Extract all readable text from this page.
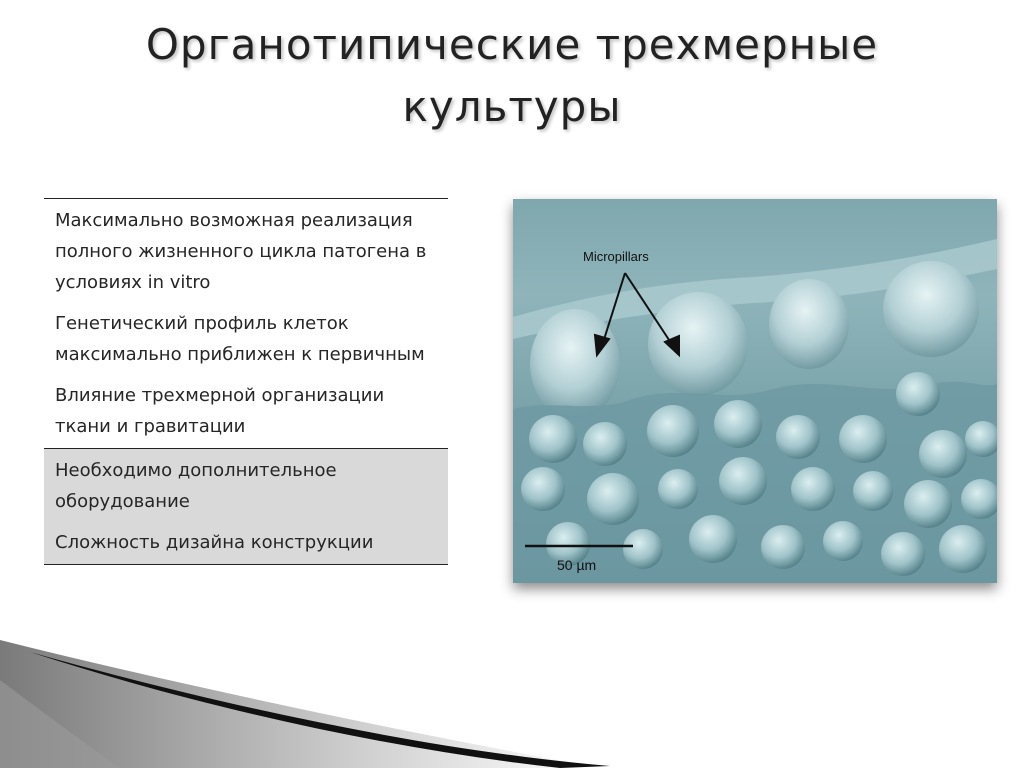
Органотипические трехмерные
культуры
Максимально возможная реализация полного жизненного цикла патогена в условиях in vitro
Генетический профиль клеток максимально приближен к первичным
Влияние трехмерной организации ткани и гравитации
Необходимо дополнительное оборудование
Сложность дизайна конструкции
50 µm
Micropillars
